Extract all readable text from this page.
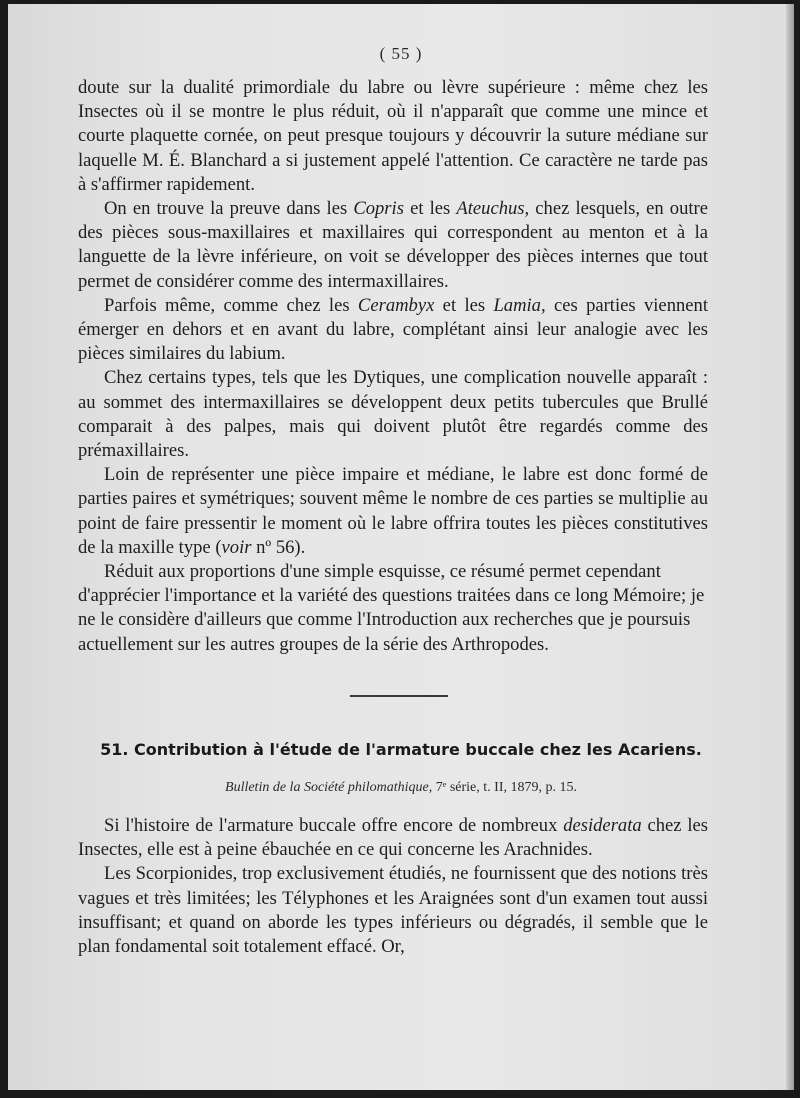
( 55 )

doute sur la dualité primordiale du labre ou lèvre supérieure : même chez les Insectes où il se montre le plus réduit, où il n'apparaît que comme une mince et courte plaquette cornée, on peut presque toujours y découvrir la suture médiane sur laquelle M. É. Blanchard a si justement appelé l'attention. Ce caractère ne tarde pas à s'affirmer rapidement.

On en trouve la preuve dans les Copris et les Ateuchus, chez lesquels, en outre des pièces sous-maxillaires et maxillaires qui correspondent au menton et à la languette de la lèvre inférieure, on voit se développer des pièces internes que tout permet de considérer comme des intermaxillaires.

Parfois même, comme chez les Cerambyx et les Lamia, ces parties viennent émerger en dehors et en avant du labre, complétant ainsi leur analogie avec les pièces similaires du labium.

Chez certains types, tels que les Dytiques, une complication nouvelle apparaît : au sommet des intermaxillaires se développent deux petits tubercules que Brullé comparait à des palpes, mais qui doivent plutôt être regardés comme des prémaxillaires.

Loin de représenter une pièce impaire et médiane, le labre est donc formé de parties paires et symétriques; souvent même le nombre de ces parties se multiplie au point de faire pressentir le moment où le labre offrira toutes les pièces constitutives de la maxille type (voir nº 56).

Réduit aux proportions d'une simple esquisse, ce résumé permet cependant d'apprécier l'importance et la variété des questions traitées dans ce long Mémoire; je ne le considère d'ailleurs que comme l'Introduction aux recherches que je poursuis actuellement sur les autres groupes de la série des Arthropodes.

51. Contribution à l'étude de l'armature buccale chez les Acariens.
Bulletin de la Société philomathique, 7ᵉ série, t. II, 1879, p. 15.

Si l'histoire de l'armature buccale offre encore de nombreux desiderata chez les Insectes, elle est à peine ébauchée en ce qui concerne les Arachnides.

Les Scorpionides, trop exclusivement étudiés, ne fournissent que des notions très vagues et très limitées; les Télyphones et les Araignées sont d'un examen tout aussi insuffisant; et quand on aborde les types inférieurs ou dégradés, il semble que le plan fondamental soit totalement effacé. Or,
